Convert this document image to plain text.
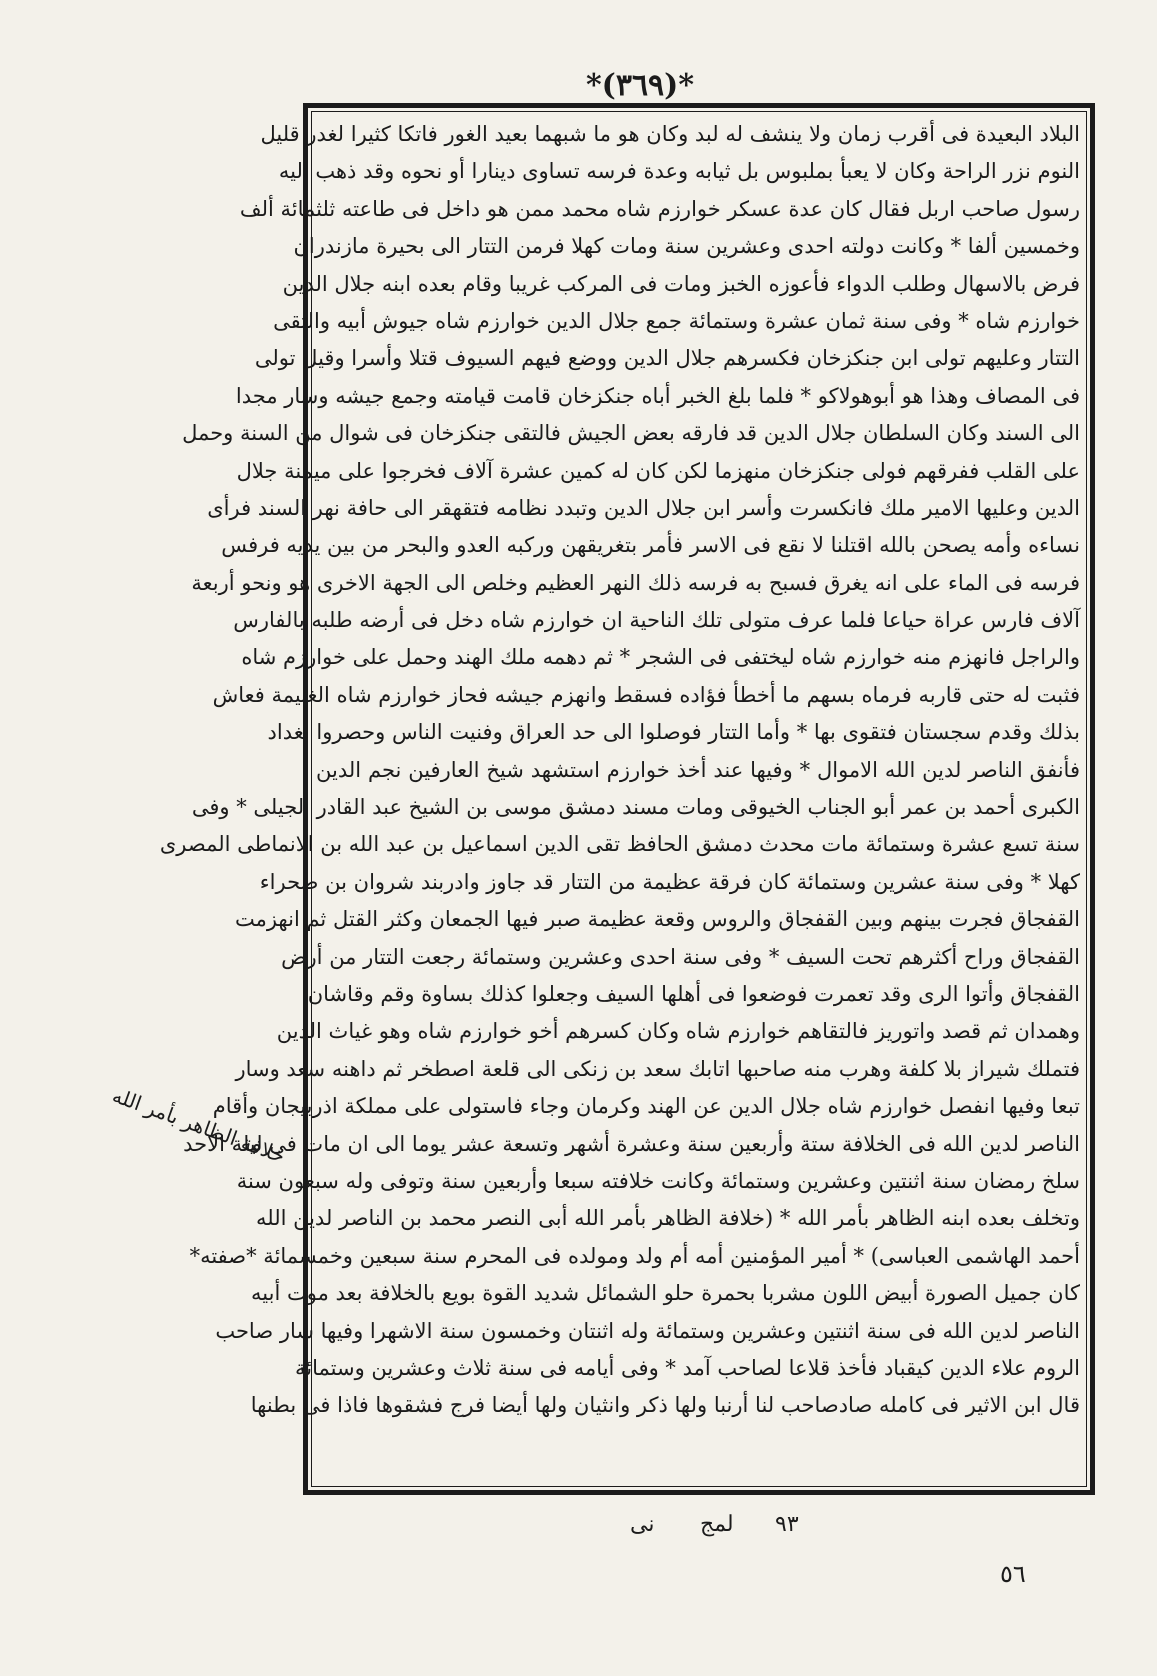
*(٣٦٩)*
البلاد البعيدة فى أقرب زمان ولا ينشف له لبد وكان هو ما شبهما بعيد الغور فاتكا كثيرا لغدر قليل
النوم نزر الراحة وكان لا يعبأ بملبوس بل ثيابه وعدة فرسه تساوى دينارا أو نحوه وقد ذهب اليه
رسول صاحب اربل فقال كان عدة عسكر خوارزم شاه محمد ممن هو داخل فى طاعته ثلثمائة ألف
وخمسين ألفا * وكانت دولته احدى وعشرين سنة ومات كهلا فرمن التتار الى بحيرة مازندران
فرض بالاسهال وطلب الدواء فأعوزه الخبز ومات فى المركب غريبا وقام بعده ابنه جلال الدين
خوارزم شاه * وفى سنة ثمان عشرة وستمائة جمع جلال الدين خوارزم شاه جيوش أبيه والتقى
التتار وعليهم تولى ابن جنكزخان فكسرهم جلال الدين ووضع فيهم السيوف قتلا وأسرا وقيل تولى
فى المصاف وهذا هو أبوهولاكو * فلما بلغ الخبر أباه جنكزخان قامت قيامته وجمع جيشه وسار مجدا
الى السند وكان السلطان جلال الدين قد فارقه بعض الجيش فالتقى جنكزخان فى شوال من السنة وحمل
على القلب ففرقهم فولى جنكزخان منهزما لكن كان له كمين عشرة آلاف فخرجوا على ميمنة جلال
الدين وعليها الامير ملك فانكسرت وأسر ابن جلال الدين وتبدد نظامه فتقهقر الى حافة نهر السند فرأى
نساءه وأمه يصحن بالله اقتلنا لا نقع فى الاسر فأمر بتغريقهن وركبه العدو والبحر من بين يديه فرفس
فرسه فى الماء على انه يغرق فسبح به فرسه ذلك النهر العظيم وخلص الى الجهة الاخرى هو ونحو أربعة
آلاف فارس عراة حياعا فلما عرف متولى تلك الناحية ان خوارزم شاه دخل فى أرضه طلبه بالفارس
والراجل فانهزم منه خوارزم شاه ليختفى فى الشجر * ثم دهمه ملك الهند وحمل على خوارزم شاه
فثبت له حتى قاربه فرماه بسهم ما أخطأ فؤاده فسقط وانهزم جيشه فحاز خوارزم شاه الغنيمة فعاش
بذلك وقدم سجستان فتقوى بها * وأما التتار فوصلوا الى حد العراق وفنيت الناس وحصروا بغداد
فأنفق الناصر لدين الله الاموال * وفيها عند أخذ خوارزم استشهد شيخ العارفين نجم الدين
الكبرى أحمد بن عمر أبو الجناب الخيوقى ومات مسند دمشق موسى بن الشيخ عبد القادر الجيلى * وفى
سنة تسع عشرة وستمائة مات محدث دمشق الحافظ تقى الدين اسماعيل بن عبد الله بن الانماطى المصرى
كهلا * وفى سنة عشرين وستمائة كان فرقة عظيمة من التتار قد جاوز وادربند شروان بن صحراء
القفجاق فجرت بينهم وبين القفجاق والروس وقعة عظيمة صبر فيها الجمعان وكثر القتل ثم انهزمت
القفجاق وراح أكثرهم تحت السيف * وفى سنة احدى وعشرين وستمائة رجعت التتار من أرض
القفجاق وأتوا الرى وقد تعمرت فوضعوا فى أهلها السيف وجعلوا كذلك بساوة وقم وقاشان
وهمدان ثم قصد واتوريز فالتقاهم خوارزم شاه وكان كسرهم أخو خوارزم شاه وهو غياث الدين
فتملك شيراز بلا كلفة وهرب منه صاحبها اتابك سعد بن زنكى الى قلعة اصطخر ثم داهنه سعد وسار
تبعا وفيها انفصل خوارزم شاه جلال الدين عن الهند وكرمان وجاء فاستولى على مملكة اذربيجان وأقام
الناصر لدين الله فى الخلافة ستة وأربعين سنة وعشرة أشهر وتسعة عشر يوما الى ان مات فى ليلة الاحد
سلخ رمضان سنة اثنتين وعشرين وستمائة وكانت خلافته سبعا وأربعين سنة وتوفى وله سبعون سنة
وتخلف بعده ابنه الظاهر بأمر الله * (خلافة الظاهر بأمر الله أبى النصر محمد بن الناصر لدين الله
أحمد الهاشمى العباسى) * أمير المؤمنين أمه أم ولد ومولده فى المحرم سنة سبعين وخمسمائة *صفته*
كان جميل الصورة أبيض اللون مشربا بحمرة حلو الشمائل شديد القوة بويع بالخلافة بعد موت أبيه
الناصر لدين الله فى سنة اثنتين وعشرين وستمائة وله اثنتان وخمسون سنة الاشهرا وفيها سار صاحب
الروم علاء الدين كيقباد فأخذ قلاعا لصاحب آمد * وفى أيامه فى سنة ثلاث وعشرين وستمائة
قال ابن الاثير فى كامله صادصاحب لنا أرنبا ولها ذكر وانثيان ولها أيضا فرج فشقوها فاذا فى بطنها
خلافة الظاهر بأمر الله
نى لمج ٩٣
٥٦
